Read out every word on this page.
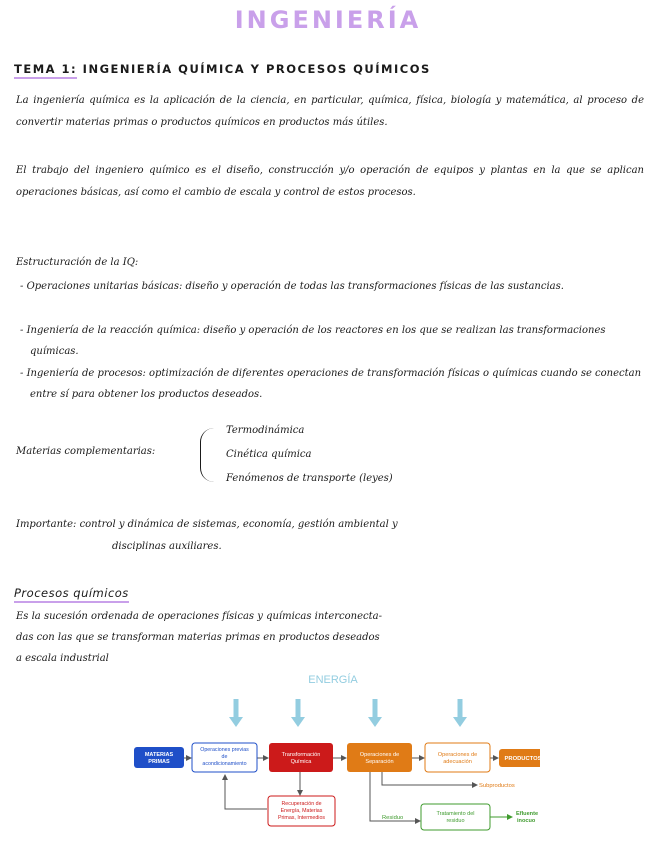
INGENIERÍA
TEMA 1: INGENIERÍA QUÍMICA Y PROCESOS QUÍMICOS
La ingeniería química es la aplicación de la ciencia, en particular, química, física, biología y matemática, al proceso de convertir materias primas o productos químicos en productos más útiles.
El trabajo del ingeniero químico es el diseño, construcción y/o operación de equipos y plantas en la que se aplican operaciones básicas, así como el cambio de escala y control de estos procesos.
Estructuración de la IQ:
- Operaciones unitarias básicas: diseño y operación de todas las transformaciones físicas de las sustancias.
- Ingeniería de la reacción química: diseño y operación de los reactores en los que se realizan las transformaciones químicas.
- Ingeniería de procesos: optimización de diferentes operaciones de transformación físicas o químicas cuando se conectan entre sí para obtener los productos deseados.
Materias complementarias:
Termodinámica
Cinética química
Fenómenos de transporte (leyes)
Importante: control y dinámica de sistemas, economía, gestión ambiental y
disciplinas auxiliares.
Procesos químicos
Es la sucesión ordenada de operaciones físicas y químicas interconecta-
das con las que se transforman materias primas en productos deseados
a escala industrial
ENERGÍA
MATERIAS
PRIMAS
Operaciones previas
de
acondicionamiento
Transformación
Química
Operaciones de
Separación
Operaciones de
adecuación	PRODUCTOS
Recuperación de
Energía, Materias
Primas, Intermedios
Tratamiento del
residuo
Subproductos
Residuo
Efluente
inocuo
